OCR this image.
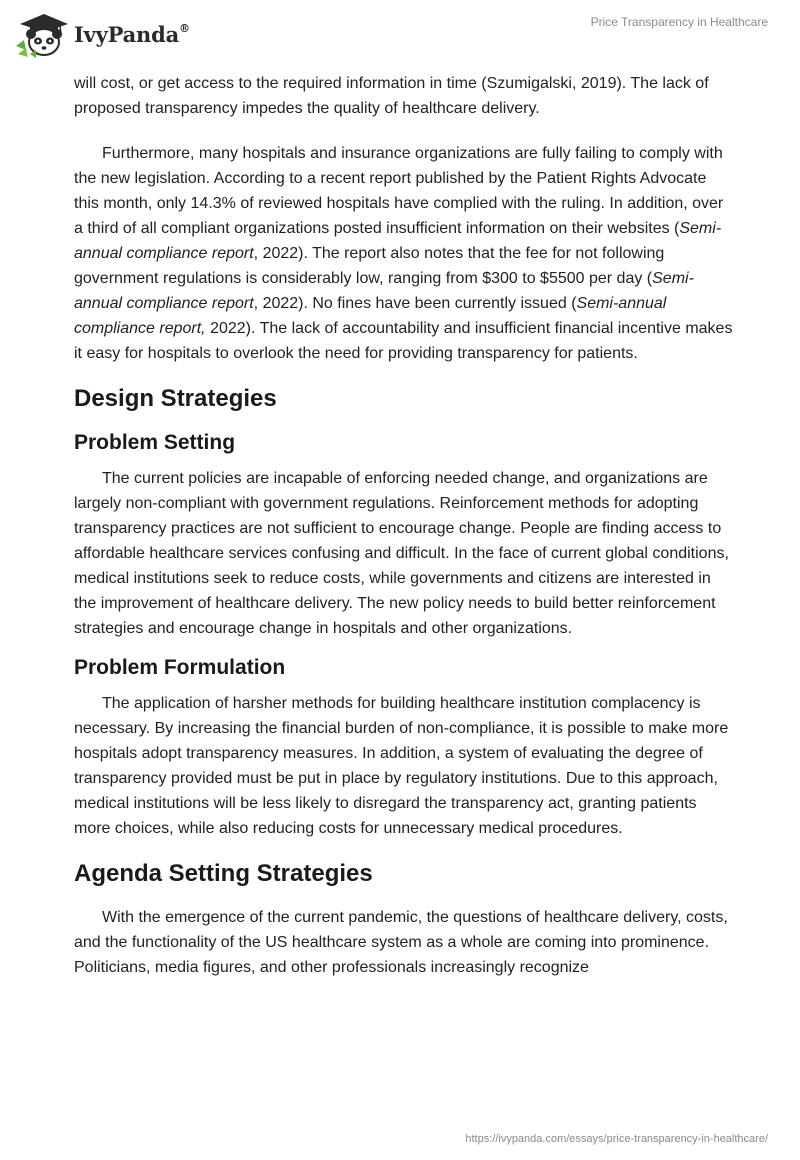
IvyPanda®	Price Transparency in Healthcare

will cost, or get access to the required information in time (Szumigalski, 2019). The lack of proposed transparency impedes the quality of healthcare delivery.

Furthermore, many hospitals and insurance organizations are fully failing to comply with the new legislation. According to a recent report published by the Patient Rights Advocate this month, only 14.3% of reviewed hospitals have complied with the ruling. In addition, over a third of all compliant organizations posted insufficient information on their websites (Semi-annual compliance report, 2022). The report also notes that the fee for not following government regulations is considerably low, ranging from $300 to $5500 per day (Semi-annual compliance report, 2022). No fines have been currently issued (Semi-annual compliance report, 2022). The lack of accountability and insufficient financial incentive makes it easy for hospitals to overlook the need for providing transparency for patients.

Design Strategies
Problem Setting

The current policies are incapable of enforcing needed change, and organizations are largely non-compliant with government regulations. Reinforcement methods for adopting transparency practices are not sufficient to encourage change. People are finding access to affordable healthcare services confusing and difficult. In the face of current global conditions, medical institutions seek to reduce costs, while governments and citizens are interested in the improvement of healthcare delivery. The new policy needs to build better reinforcement strategies and encourage change in hospitals and other organizations.

Problem Formulation

The application of harsher methods for building healthcare institution complacency is necessary. By increasing the financial burden of non-compliance, it is possible to make more hospitals adopt transparency measures. In addition, a system of evaluating the degree of transparency provided must be put in place by regulatory institutions. Due to this approach, medical institutions will be less likely to disregard the transparency act, granting patients more choices, while also reducing costs for unnecessary medical procedures.

Agenda Setting Strategies

With the emergence of the current pandemic, the questions of healthcare delivery, costs, and the functionality of the US healthcare system as a whole are coming into prominence. Politicians, media figures, and other professionals increasingly recognize

https://ivypanda.com/essays/price-transparency-in-healthcare/
